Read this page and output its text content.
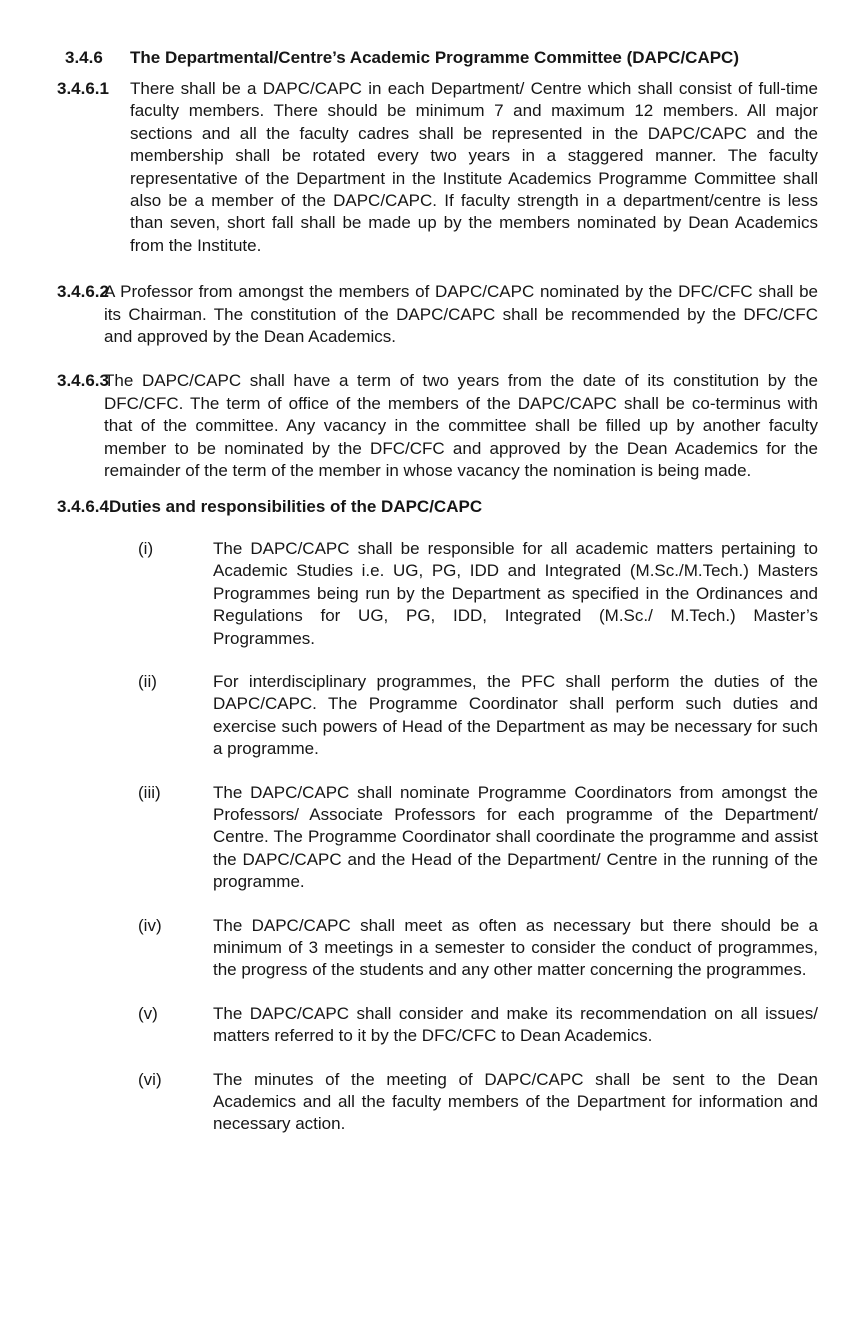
3.4.6	The Departmental/Centre’s Academic Programme Committee (DAPC/CAPC)
3.4.6.1	There shall be a DAPC/CAPC in each Department/ Centre which shall consist of full-time faculty members. There should be minimum 7 and maximum 12 members. All major sections and all the faculty cadres shall be represented in the DAPC/CAPC and the membership shall be rotated every two years in a staggered manner. The faculty representative of the Department in the Institute Academics Programme Committee shall also be a member of the DAPC/CAPC. If faculty strength in a department/centre is less than seven, short fall shall be made up by the members nominated by Dean Academics from the Institute.

3.4.6.2

A Professor from amongst the members of DAPC/CAPC nominated by the DFC/CFC shall be its Chairman. The constitution of the DAPC/CAPC shall be recommended by the DFC/CFC and approved by the Dean Academics.

3.4.6.3

The DAPC/CAPC shall have a term of two years from the date of its constitution by the DFC/CFC. The term of office of the members of the DAPC/CAPC shall be co-terminus with that of the committee. Any vacancy in the committee shall be filled up by another faculty member to be nominated by the DFC/CFC and approved by the Dean Academics for the remainder of the term of the member in whose vacancy the nomination is being made.

3.4.6.4 Duties and responsibilities of the DAPC/CAPC
(i)	The DAPC/CAPC shall be responsible for all academic matters pertaining to Academic Studies i.e. UG, PG, IDD and Integrated (M.Sc./M.Tech.) Masters Programmes being run by the Department as specified in the Ordinances and Regulations for UG, PG, IDD, Integrated (M.Sc./ M.Tech.) Master’s Programmes.

(ii)	For interdisciplinary programmes, the PFC shall perform the duties of the DAPC/CAPC. The Programme Coordinator shall perform such duties and exercise such powers of Head of the Department as may be necessary for such a programme.

(iii)	The DAPC/CAPC shall nominate Programme Coordinators from amongst the Professors/ Associate Professors for each programme of the Department/ Centre. The Programme Coordinator shall coordinate the programme and assist the DAPC/CAPC and the Head of the Department/ Centre in the running of the programme.

(iv)	The DAPC/CAPC shall meet as often as necessary but there should be a minimum of 3 meetings in a semester to consider the conduct of programmes, the progress of the students and any other matter concerning the programmes.

(v)	The DAPC/CAPC shall consider and make its recommendation on all issues/ matters referred to it by the DFC/CFC to Dean Academics.

(vi)	The minutes of the meeting of DAPC/CAPC shall be sent to the Dean Academics and all the faculty members of the Department for information and necessary action.
